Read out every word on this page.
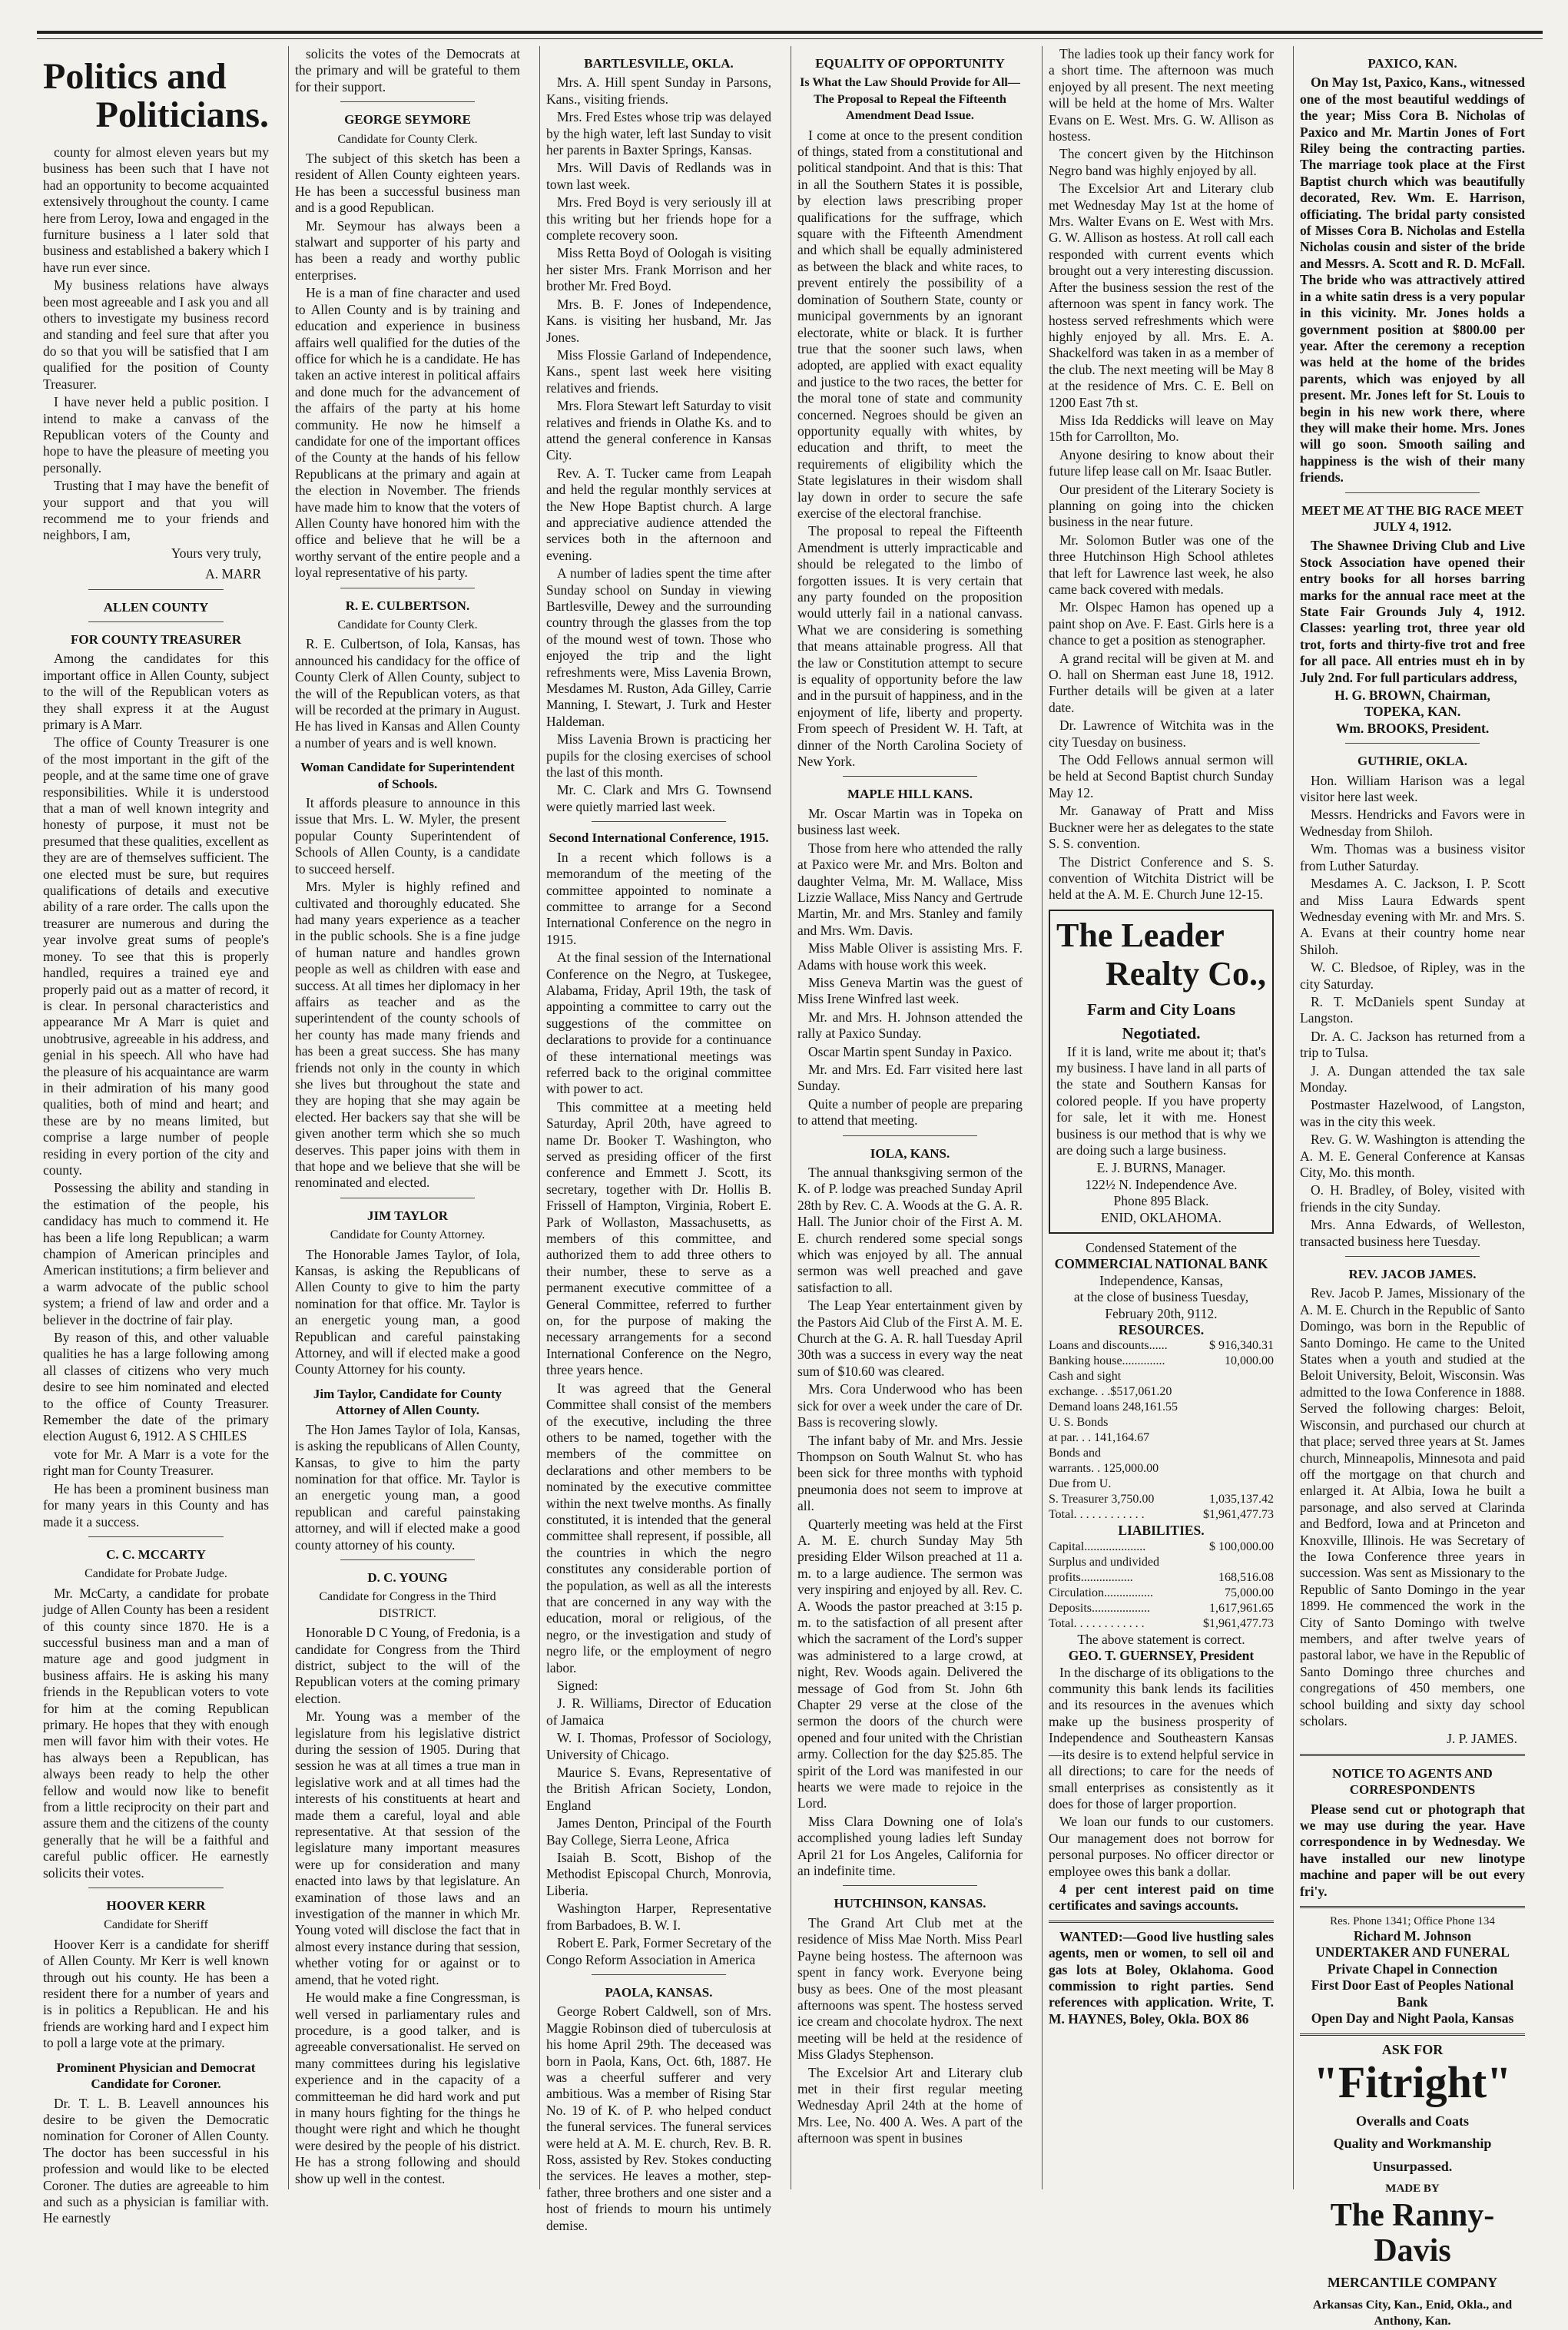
Politics and
Politicians.

county for almost eleven years but my business has been such that I have not had an opportunity to become acquainted extensively throughout the county. I came here from Leroy, Iowa and engaged in the furniture business a l later sold that business and established a bakery which I have run ever since.

My business relations have always been most agreeable and I ask you and all others to investigate my business record and standing and feel sure that after you do so that you will be satisfied that I am qualified for the position of County Treasurer.

I have never held a public position. I intend to make a canvass of the Republican voters of the County and hope to have the pleasure of meeting you personally.

Trusting that I may have the benefit of your support and that you will recommend me to your friends and neighbors, I am,

Yours very truly,
A. MARR
ALLEN COUNTY
FOR COUNTY TREASURER

Among the candidates for this important office in Allen County, subject to the will of the Republican voters as they shall express it at the August primary is A Marr.

The office of County Treasurer is one of the most important in the gift of the people, and at the same time one of grave responsibilities. While it is understood that a man of well known integrity and honesty of purpose, it must not be presumed that these qualities, excellent as they are are of themselves sufficient. The one elected must be sure, but requires qualifications of details and executive ability of a rare order. The calls upon the treasurer are numerous and during the year involve great sums of people's money. To see that this is properly handled, requires a trained eye and properly paid out as a matter of record, it is clear. In personal characteristics and appearance Mr A Marr is quiet and unobtrusive, agreeable in his address, and genial in his speech. All who have had the pleasure of his acquaintance are warm in their admiration of his many good qualities, both of mind and heart; and these are by no means limited, but comprise a large number of people residing in every portion of the city and county.

Possessing the ability and standing in the estimation of the people, his candidacy has much to commend it. He has been a life long Republican; a warm champion of American principles and American institutions; a firm believer and a warm advocate of the public school system; a friend of law and order and a believer in the doctrine of fair play.

By reason of this, and other valuable qualities he has a large following among all classes of citizens who very much desire to see him nominated and elected to the office of County Treasurer. Remember the date of the primary election August 6, 1912. A S CHILES

vote for Mr. A Marr is a vote for the right man for County Treasurer.

He has been a prominent business man for many years in this County and has made it a success.

C. C. MCCARTY
Candidate for Probate Judge.

Mr. McCarty, a candidate for probate judge of Allen County has been a resident of this county since 1870. He is a successful business man and a man of mature age and good judgment in business affairs. He is asking his many friends in the Republican voters to vote for him at the coming Republican primary. He hopes that they with enough men will favor him with their votes. He has always been a Republican, has always been ready to help the other fellow and would now like to benefit from a little reciprocity on their part and assure them and the citizens of the county generally that he will be a faithful and careful public officer. He earnestly solicits their votes.

HOOVER KERR
Candidate for Sheriff

Hoover Kerr is a candidate for sheriff of Allen County. Mr Kerr is well known through out his county. He has been a resident there for a number of years and is in politics a Republican. He and his friends are working hard and I expect him to poll a large vote at the primary.

Prominent Physician and Democrat Candidate for Coroner.

Dr. T. L. B. Leavell announces his desire to be given the Democratic nomination for Coroner of Allen County. The doctor has been successful in his profession and would like to be elected Coroner. The duties are agreeable to him and such as a physician is familiar with. He earnestly

solicits the votes of the Democrats at the primary and will be grateful to them for their support.

GEORGE SEYMORE
Candidate for County Clerk.

The subject of this sketch has been a resident of Allen County eighteen years. He has been a successful business man and is a good Republican.

Mr. Seymour has always been a stalwart and supporter of his party and has been a ready and worthy public enterprises.

He is a man of fine character and used to Allen County and is by training and education and experience in business affairs well qualified for the duties of the office for which he is a candidate. He has taken an active interest in political affairs and done much for the advancement of the affairs of the party at his home community. He now he himself a candidate for one of the important offices of the County at the hands of his fellow Republicans at the primary and again at the election in November. The friends have made him to know that the voters of Allen County have honored him with the office and believe that he will be a worthy servant of the entire people and a loyal representative of his party.

R. E. CULBERTSON.
Candidate for County Clerk.

R. E. Culbertson, of Iola, Kansas, has announced his candidacy for the office of County Clerk of Allen County, subject to the will of the Republican voters, as that will be recorded at the primary in August. He has lived in Kansas and Allen County a number of years and is well known.

Woman Candidate for Superintendent of Schools.

It affords pleasure to announce in this issue that Mrs. L. W. Myler, the present popular County Superintendent of Schools of Allen County, is a candidate to succeed herself.

Mrs. Myler is highly refined and cultivated and thoroughly educated. She had many years experience as a teacher in the public schools. She is a fine judge of human nature and handles grown people as well as children with ease and success. At all times her diplomacy in her affairs as teacher and as the superintendent of the county schools of her county has made many friends and has been a great success. She has many friends not only in the county in which she lives but throughout the state and they are hoping that she may again be elected. Her backers say that she will be given another term which she so much deserves. This paper joins with them in that hope and we believe that she will be renominated and elected.

JIM TAYLOR
Candidate for County Attorney.

The Honorable James Taylor, of Iola, Kansas, is asking the Republicans of Allen County to give to him the party nomination for that office. Mr. Taylor is an energetic young man, a good Republican and careful painstaking Attorney, and will if elected make a good County Attorney for his county.

Jim Taylor, Candidate for County Attorney of Allen County.

The Hon James Taylor of Iola, Kansas, is asking the republicans of Allen County, Kansas, to give to him the party nomination for that office. Mr. Taylor is an energetic young man, a good republican and careful painstaking attorney, and will if elected make a good county attorney of his county.

D. C. YOUNG
Candidate for Congress in the Third DISTRICT.

Honorable D C Young, of Fredonia, is a candidate for Congress from the Third district, subject to the will of the Republican voters at the coming primary election.

Mr. Young was a member of the legislature from his legislative district during the session of 1905. During that session he was at all times a true man in legislative work and at all times had the interests of his constituents at heart and made them a careful, loyal and able representative. At that session of the legislature many important measures were up for consideration and many enacted into laws by that legislature. An examination of those laws and an investigation of the manner in which Mr. Young voted will disclose the fact that in almost every instance during that session, whether voting for or against or to amend, that he voted right.

He would make a fine Congressman, is well versed in parliamentary rules and procedure, is a good talker, and is agreeable conversationalist. He served on many committees during his legislative experience and in the capacity of a committeeman he did hard work and put in many hours fighting for the things he thought were right and which he thought were desired by the people of his district. He has a strong following and should show up well in the contest.

BARTLESVILLE, OKLA.

Mrs. A. Hill spent Sunday in Parsons, Kans., visiting friends.

Mrs. Fred Estes whose trip was delayed by the high water, left last Sunday to visit her parents in Baxter Springs, Kansas.

Mrs. Will Davis of Redlands was in town last week.

Mrs. Fred Boyd is very seriously ill at this writing but her friends hope for a complete recovery soon.

Miss Retta Boyd of Oologah is visiting her sister Mrs. Frank Morrison and her brother Mr. Fred Boyd.

Mrs. B. F. Jones of Independence, Kans. is visiting her husband, Mr. Jas Jones.

Miss Flossie Garland of Independence, Kans., spent last week here visiting relatives and friends.

Mrs. Flora Stewart left Saturday to visit relatives and friends in Olathe Ks. and to attend the general conference in Kansas City.

Rev. A. T. Tucker came from Leapah and held the regular monthly services at the New Hope Baptist church. A large and appreciative audience attended the services both in the afternoon and evening.

A number of ladies spent the time after Sunday school on Sunday in viewing Bartlesville, Dewey and the surrounding country through the glasses from the top of the mound west of town. Those who enjoyed the trip and the light refreshments were, Miss Lavenia Brown, Mesdames M. Ruston, Ada Gilley, Carrie Manning, I. Stewart, J. Turk and Hester Haldeman.

Miss Lavenia Brown is practicing her pupils for the closing exercises of school the last of this month.

Mr. C. Clark and Mrs G. Townsend were quietly married last week.

Second International Conference, 1915.

In a recent which follows is a memorandum of the meeting of the committee appointed to nominate a committee to arrange for a Second International Conference on the negro in 1915.

At the final session of the International Conference on the Negro, at Tuskegee, Alabama, Friday, April 19th, the task of appointing a committee to carry out the suggestions of the committee on declarations to provide for a continuance of these international meetings was referred back to the original committee with power to act.

This committee at a meeting held Saturday, April 20th, have agreed to name Dr. Booker T. Washington, who served as presiding officer of the first conference and Emmett J. Scott, its secretary, together with Dr. Hollis B. Frissell of Hampton, Virginia, Robert E. Park of Wollaston, Massachusetts, as members of this committee, and authorized them to add three others to their number, these to serve as a permanent executive committee of a General Committee, referred to further on, for the purpose of making the necessary arrangements for a second International Conference on the Negro, three years hence.

It was agreed that the General Committee shall consist of the members of the executive, including the three others to be named, together with the members of the committee on declarations and other members to be nominated by the executive committee within the next twelve months. As finally constituted, it is intended that the general committee shall represent, if possible, all the countries in which the negro constitutes any considerable portion of the population, as well as all the interests that are concerned in any way with the education, moral or religious, of the negro, or the investigation and study of negro life, or the employment of negro labor.

Signed:

J. R. Williams, Director of Education of Jamaica

W. I. Thomas, Professor of Sociology, University of Chicago.

Maurice S. Evans, Representative of the British African Society, London, England

James Denton, Principal of the Fourth Bay College, Sierra Leone, Africa

Isaiah B. Scott, Bishop of the Methodist Episcopal Church, Monrovia, Liberia.

Washington Harper, Representative from Barbadoes, B. W. I.

Robert E. Park, Former Secretary of the Congo Reform Association in America

PAOLA, KANSAS.

George Robert Caldwell, son of Mrs. Maggie Robinson died of tuberculosis at his home April 29th. The deceased was born in Paola, Kans, Oct. 6th, 1887. He was a cheerful sufferer and very ambitious. Was a member of Rising Star No. 19 of K. of P. who helped conduct the funeral services. The funeral services were held at A. M. E. church, Rev. B. R. Ross, assisted by Rev. Stokes conducting the services. He leaves a mother, step-father, three brothers and one sister and a host of friends to mourn his untimely demise.

EQUALITY OF OPPORTUNITY
Is What the Law Should Provide for All—The Proposal to Repeal the Fifteenth Amendment Dead Issue.

I come at once to the present condition of things, stated from a constitutional and political standpoint. And that is this: That in all the Southern States it is possible, by election laws prescribing proper qualifications for the suffrage, which square with the Fifteenth Amendment and which shall be equally administered as between the black and white races, to prevent entirely the possibility of a domination of Southern State, county or municipal governments by an ignorant electorate, white or black. It is further true that the sooner such laws, when adopted, are applied with exact equality and justice to the two races, the better for the moral tone of state and community concerned. Negroes should be given an opportunity equally with whites, by education and thrift, to meet the requirements of eligibility which the State legislatures in their wisdom shall lay down in order to secure the safe exercise of the electoral franchise.

The proposal to repeal the Fifteenth Amendment is utterly impracticable and should be relegated to the limbo of forgotten issues. It is very certain that any party founded on the proposition would utterly fail in a national canvass. What we are considering is something that means attainable progress. All that the law or Constitution attempt to secure is equality of opportunity before the law and in the pursuit of happiness, and in the enjoyment of life, liberty and property. From speech of President W. H. Taft, at dinner of the North Carolina Society of New York.

MAPLE HILL KANS.

Mr. Oscar Martin was in Topeka on business last week.

Those from here who attended the rally at Paxico were Mr. and Mrs. Bolton and daughter Velma, Mr. M. Wallace, Miss Lizzie Wallace, Miss Nancy and Gertrude Martin, Mr. and Mrs. Stanley and family and Mrs. Wm. Davis.

Miss Mable Oliver is assisting Mrs. F. Adams with house work this week.

Miss Geneva Martin was the guest of Miss Irene Winfred last week.

Mr. and Mrs. H. Johnson attended the rally at Paxico Sunday.

Oscar Martin spent Sunday in Paxico.

Mr. and Mrs. Ed. Farr visited here last Sunday.

Quite a number of people are preparing to attend that meeting.

IOLA, KANS.

The annual thanksgiving sermon of the K. of P. lodge was preached Sunday April 28th by Rev. C. A. Woods at the G. A. R. Hall. The Junior choir of the First A. M. E. church rendered some special songs which was enjoyed by all. The annual sermon was well preached and gave satisfaction to all.

The Leap Year entertainment given by the Pastors Aid Club of the First A. M. E. Church at the G. A. R. hall Tuesday April 30th was a success in every way the neat sum of $10.60 was cleared.

Mrs. Cora Underwood who has been sick for over a week under the care of Dr. Bass is recovering slowly.

The infant baby of Mr. and Mrs. Jessie Thompson on South Walnut St. who has been sick for three months with typhoid pneumonia does not seem to improve at all.

Quarterly meeting was held at the First A. M. E. church Sunday May 5th presiding Elder Wilson preached at 11 a. m. to a large audience. The sermon was very inspiring and enjoyed by all. Rev. C. A. Woods the pastor preached at 3:15 p. m. to the satisfaction of all present after which the sacrament of the Lord's supper was administered to a large crowd, at night, Rev. Woods again. Delivered the message of God from St. John 6th Chapter 29 verse at the close of the sermon the doors of the church were opened and four united with the Christian army. Collection for the day $25.85. The spirit of the Lord was manifested in our hearts we were made to rejoice in the Lord.

Miss Clara Downing one of Iola's accomplished young ladies left Sunday April 21 for Los Angeles, California for an indefinite time.

HUTCHINSON, KANSAS.

The Grand Art Club met at the residence of Miss Mae North. Miss Pearl Payne being hostess. The afternoon was spent in fancy work. Everyone being busy as bees. One of the most pleasant afternoons was spent. The hostess served ice cream and chocolate hydrox. The next meeting will be held at the residence of Miss Gladys Stephenson.

The Excelsior Art and Literary club met in their first regular meeting Wednesday April 24th at the home of Mrs. Lee, No. 400 A. Wes. A part of the afternoon was spent in busines

The ladies took up their fancy work for a short time. The afternoon was much enjoyed by all present. The next meeting will be held at the home of Mrs. Walter Evans on E. West. Mrs. G. W. Allison as hostess.

The concert given by the Hitchinson Negro band was highly enjoyed by all.

The Excelsior Art and Literary club met Wednesday May 1st at the home of Mrs. Walter Evans on E. West with Mrs. G. W. Allison as hostess. At roll call each responded with current events which brought out a very interesting discussion. After the business session the rest of the afternoon was spent in fancy work. The hostess served refreshments which were highly enjoyed by all. Mrs. E. A. Shackelford was taken in as a member of the club. The next meeting will be May 8 at the residence of Mrs. C. E. Bell on 1200 East 7th st.

Miss Ida Reddicks will leave on May 15th for Carrollton, Mo.

Anyone desiring to know about their future lifep lease call on Mr. Isaac Butler.

Our president of the Literary Society is planning on going into the chicken business in the near future.

Mr. Solomon Butler was one of the three Hutchinson High School athletes that left for Lawrence last week, he also came back covered with medals.

Mr. Olspec Hamon has opened up a paint shop on Ave. F. East. Girls here is a chance to get a position as stenographer.

A grand recital will be given at M. and O. hall on Sherman east June 18, 1912. Further details will be given at a later date.

Dr. Lawrence of Witchita was in the city Tuesday on business.

The Odd Fellows annual sermon will be held at Second Baptist church Sunday May 12.

Mr. Ganaway of Pratt and Miss Buckner were her as delegates to the state S. S. convention.

The District Conference and S. S. convention of Witchita District will be held at the A. M. E. Church June 12-15.

The Leader
Realty Co.,
Farm and City Loans
Negotiated.

If it is land, write me about it; that's my business. I have land in all parts of the state and Southern Kansas for colored people. If you have property for sale, let it with me. Honest business is our method that is why we are doing such a large business.

E. J. BURNS, Manager.
122½ N. Independence Ave.
Phone 895 Black.
ENID, OKLAHOMA.
Condensed Statement of the
COMMERCIAL NATIONAL BANK
Independence, Kansas,
at the close of business Tuesday, February 20th, 9112.
RESOURCES.
Loans and discounts......	$ 916,340.31
Banking house..............	10,000.00
Cash and sight
exchange. . .$517,061.20
Demand loans 248,161.55
U. S. Bonds
at par. . . 141,164.67
Bonds and
warrants. . 125,000.00
Due from U.
S. Treasurer 3,750.00	1,035,137.42
Total. . . . . . . . . . . .	$1,961,477.73
LIABILITIES.
Capital....................	$ 100,000.00
Surplus and undivided
profits.................	168,516.08
Circulation................	75,000.00
Deposits...................	1,617,961.65
Total. . . . . . . . . . . .	$1,961,477.73
The above statement is correct.
GEO. T. GUERNSEY, President

In the discharge of its obligations to the community this bank lends its facilities and its resources in the avenues which make up the business prosperity of Independence and Southeastern Kansas—its desire is to extend helpful service in all directions; to care for the needs of small enterprises as consistently as it does for those of larger proportion.

We loan our funds to our customers. Our management does not borrow for personal purposes. No officer director or employee owes this bank a dollar.

4 per cent interest paid on time certificates and savings accounts.

WANTED:—Good live hustling sales agents, men or women, to sell oil and gas lots at Boley, Oklahoma. Good commission to right parties. Send references with application. Write, T. M. HAYNES, Boley, Okla. BOX 86

PAXICO, KAN.

On May 1st, Paxico, Kans., witnessed one of the most beautiful weddings of the year; Miss Cora B. Nicholas of Paxico and Mr. Martin Jones of Fort Riley being the contracting parties. The marriage took place at the First Baptist church which was beautifully decorated, Rev. Wm. E. Harrison, officiating. The bridal party consisted of Misses Cora B. Nicholas and Estella Nicholas cousin and sister of the bride and Messrs. A. Scott and R. D. McFall. The bride who was attractively attired in a white satin dress is a very popular in this vicinity. Mr. Jones holds a government position at $800.00 per year. After the ceremony a reception was held at the home of the brides parents, which was enjoyed by all present. Mr. Jones left for St. Louis to begin in his new work there, where they will make their home. Mrs. Jones will go soon. Smooth sailing and happiness is the wish of their many friends.

MEET ME AT THE BIG RACE MEET JULY 4, 1912.

The Shawnee Driving Club and Live Stock Association have opened their entry books for all horses barring marks for the annual race meet at the State Fair Grounds July 4, 1912. Classes: yearling trot, three year old trot, forts and thirty-five trot and free for all pace. All entries must eh in by July 2nd. For full particulars address,

H. G. BROWN, Chairman,
TOPEKA, KAN.
Wm. BROOKS, President.
GUTHRIE, OKLA.

Hon. William Harison was a legal visitor here last week.

Messrs. Hendricks and Favors were in Wednesday from Shiloh.

Wm. Thomas was a business visitor from Luther Saturday.

Mesdames A. C. Jackson, I. P. Scott and Miss Laura Edwards spent Wednesday evening with Mr. and Mrs. S. A. Evans at their country home near Shiloh.

W. C. Bledsoe, of Ripley, was in the city Saturday.

R. T. McDaniels spent Sunday at Langston.

Dr. A. C. Jackson has returned from a trip to Tulsa.

J. A. Dungan attended the tax sale Monday.

Postmaster Hazelwood, of Langston, was in the city this week.

Rev. G. W. Washington is attending the A. M. E. General Conference at Kansas City, Mo. this month.

O. H. Bradley, of Boley, visited with friends in the city Sunday.

Mrs. Anna Edwards, of Welleston, transacted business here Tuesday.

REV. JACOB JAMES.

Rev. Jacob P. James, Missionary of the A. M. E. Church in the Republic of Santo Domingo, was born in the Republic of Santo Domingo. He came to the United States when a youth and studied at the Beloit University, Beloit, Wisconsin. Was admitted to the Iowa Conference in 1888. Served the following charges: Beloit, Wisconsin, and purchased our church at that place; served three years at St. James church, Minneapolis, Minnesota and paid off the mortgage on that church and enlarged it. At Albia, Iowa he built a parsonage, and also served at Clarinda and Bedford, Iowa and at Princeton and Knoxville, Illinois. He was Secretary of the Iowa Conference three years in succession. Was sent as Missionary to the Republic of Santo Domingo in the year 1899. He commenced the work in the City of Santo Domingo with twelve members, and after twelve years of pastoral labor, we have in the Republic of Santo Domingo three churches and congregations of 450 members, one school building and sixty day school scholars.

J. P. JAMES.
NOTICE TO AGENTS AND CORRESPONDENTS

Please send cut or photograph that we may use during the year. Have correspondence in by Wednesday. We have installed our new linotype machine and paper will be out every fri'y.

Res. Phone 1341; Office Phone 134
Richard M. Johnson
UNDERTAKER AND FUNERAL
Private Chapel in Connection
First Door East of Peoples National Bank
Open Day and Night Paola, Kansas
ASK FOR
"Fitright"
Overalls and Coats
Quality and Workmanship
Unsurpassed.
MADE BY
The Ranny-Davis
MERCANTILE COMPANY
Arkansas City, Kan., Enid, Okla., and Anthony, Kan.
